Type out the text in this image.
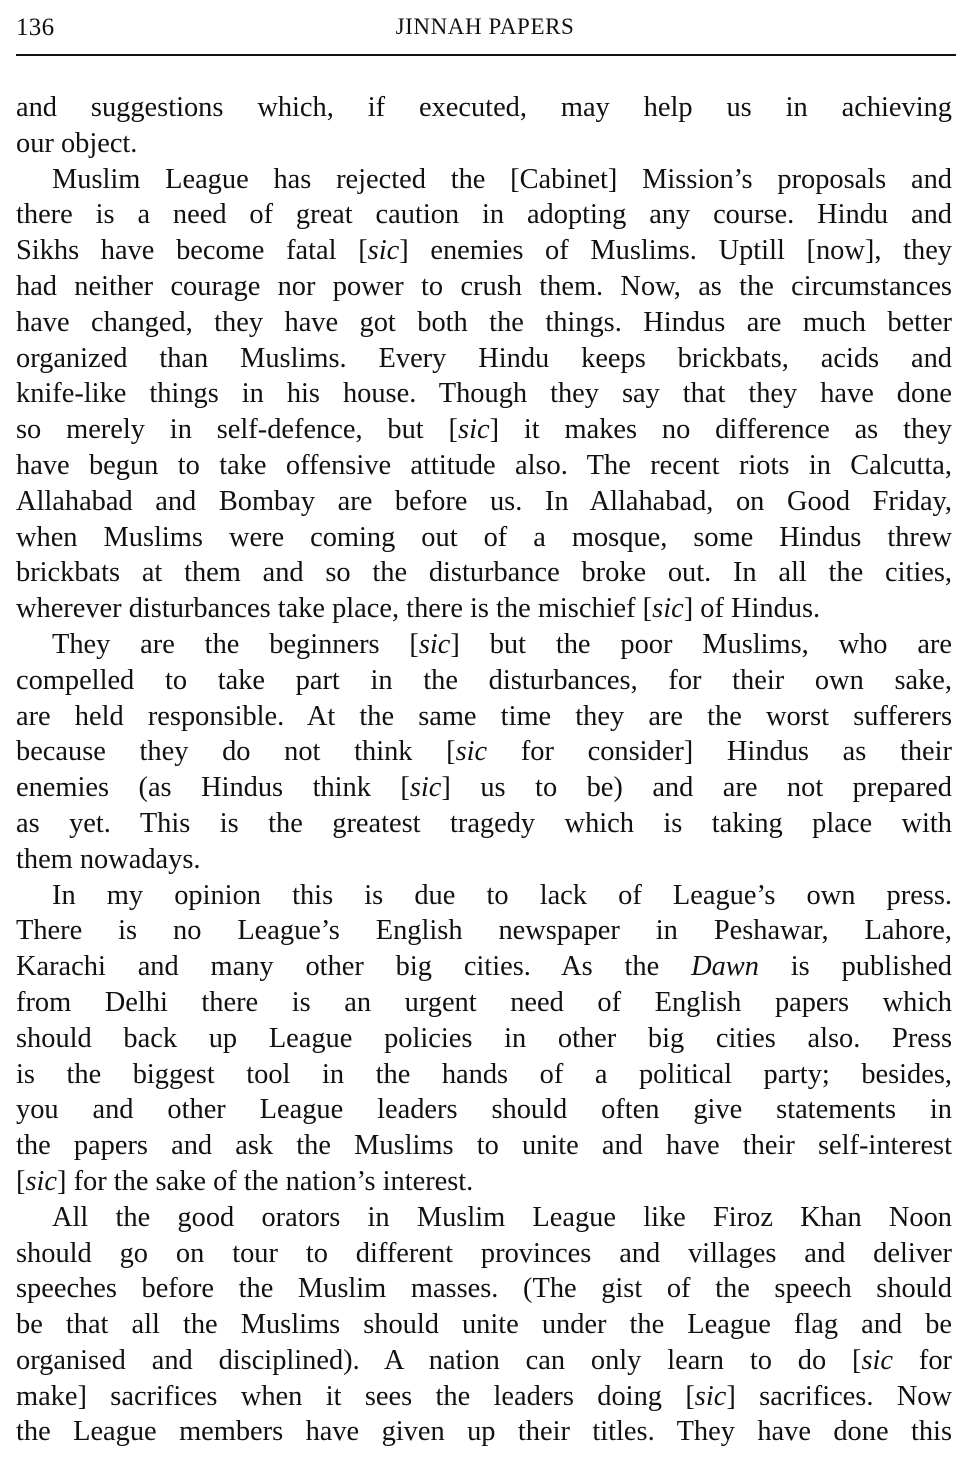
136	JINNAH PAPERS
and suggestions which, if executed, may help us in achieving
our object.
Muslim League has rejected the [Cabinet] Mission’s proposals and
there is a need of great caution in adopting any course. Hindu and
Sikhs have become fatal [sic] enemies of Muslims. Uptill [now], they
had neither courage nor power to crush them. Now, as the circumstances
have changed, they have got both the things. Hindus are much better
organized than Muslims. Every Hindu keeps brickbats, acids and
knife-like things in his house. Though they say that they have done
so merely in self-defence, but [sic] it makes no difference as they
have begun to take offensive attitude also. The recent riots in Calcutta,
Allahabad and Bombay are before us. In Allahabad, on Good Friday,
when Muslims were coming out of a mosque, some Hindus threw
brickbats at them and so the disturbance broke out. In all the cities,
wherever disturbances take place, there is the mischief [sic] of Hindus.
They are the beginners [sic] but the poor Muslims, who are
compelled to take part in the disturbances, for their own sake,
are held responsible. At the same time they are the worst sufferers
because they do not think [sic for consider] Hindus as their
enemies (as Hindus think [sic] us to be) and are not prepared
as yet. This is the greatest tragedy which is taking place with
them nowadays.
In my opinion this is due to lack of League’s own press.
There is no League’s English newspaper in Peshawar, Lahore,
Karachi and many other big cities. As the Dawn is published
from Delhi there is an urgent need of English papers which
should back up League policies in other big cities also. Press
is the biggest tool in the hands of a political party; besides,
you and other League leaders should often give statements in
the papers and ask the Muslims to unite and have their self-interest
[sic] for the sake of the nation’s interest.
All the good orators in Muslim League like Firoz Khan Noon
should go on tour to different provinces and villages and deliver
speeches before the Muslim masses. (The gist of the speech should
be that all the Muslims should unite under the League flag and be
organised and disciplined). A nation can only learn to do [sic for
make] sacrifices when it sees the leaders doing [sic] sacrifices. Now
the League members have given up their titles. They have done this
